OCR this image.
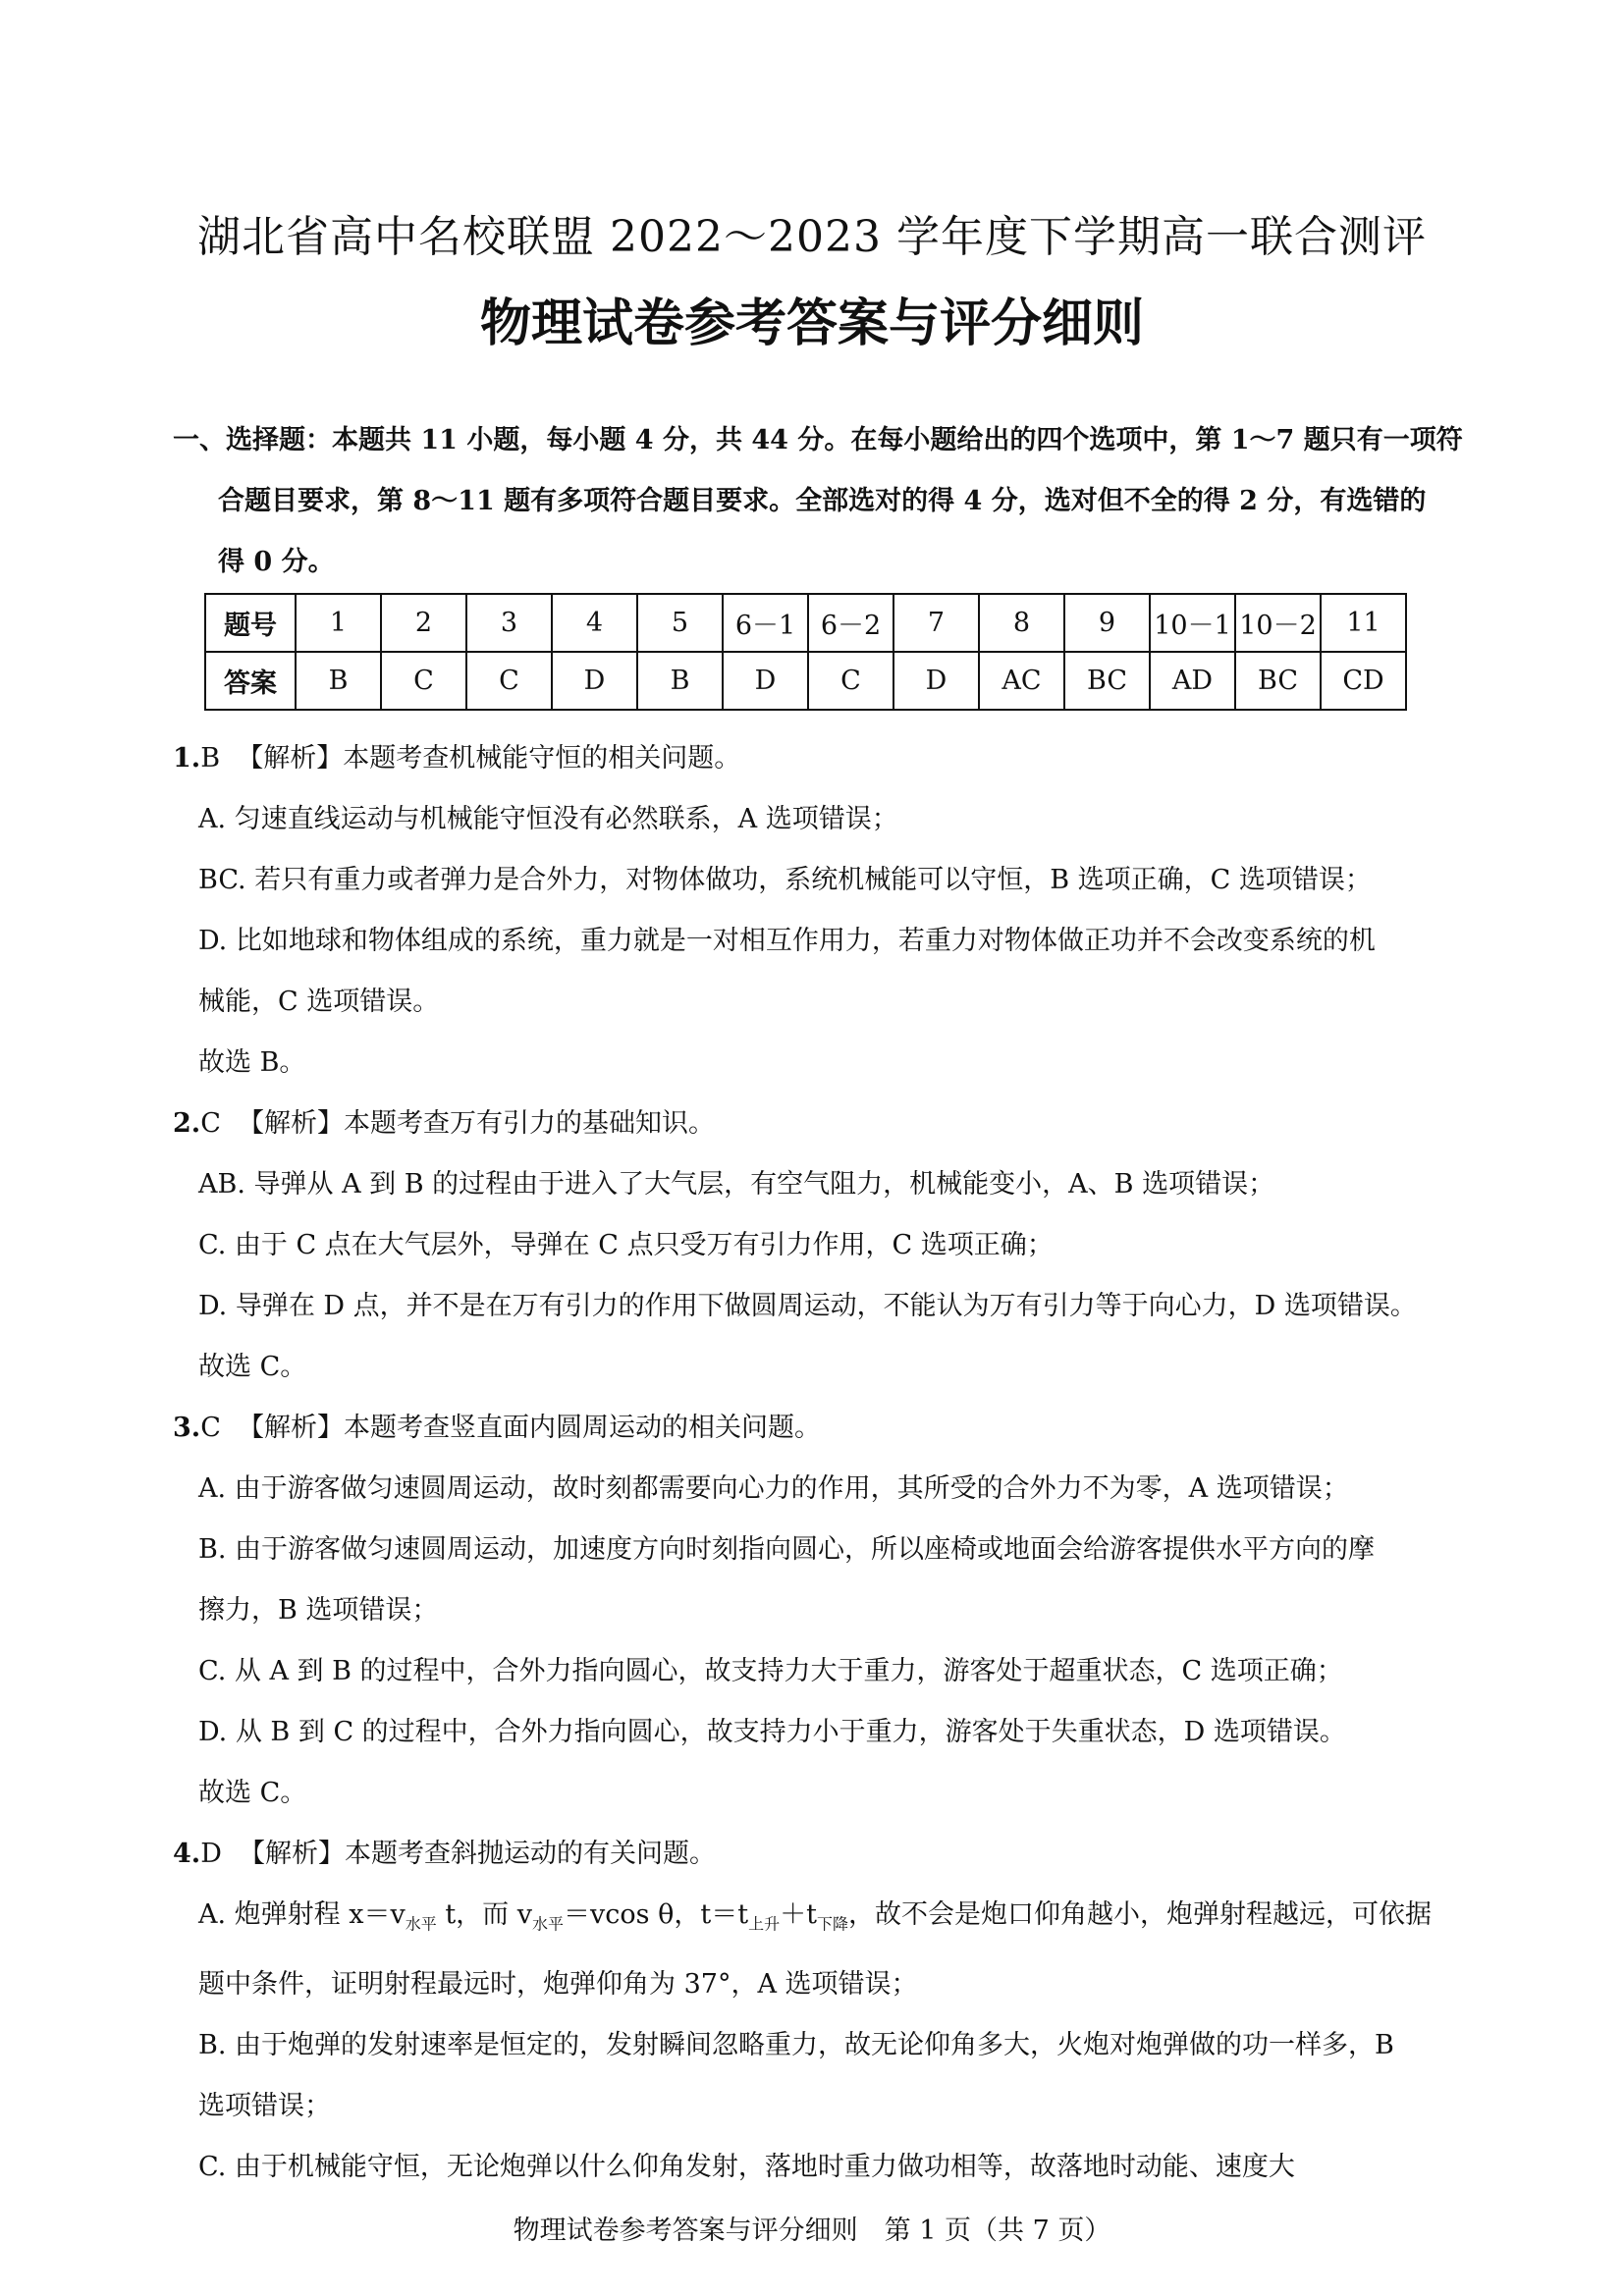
湖北省高中名校联盟 2022～2023 学年度下学期高一联合测评
物理试卷参考答案与评分细则
一、选择题：本题共 11 小题，每小题 4 分，共 44 分。在每小题给出的四个选项中，第 1～7 题只有一项符
合题目要求，第 8～11 题有多项符合题目要求。全部选对的得 4 分，选对但不全的得 2 分，有选错的
得 0 分。
题号	1	2	3	4	5	6－1	6－2	7	8	9	10－1	10－2	11
答案	B	C	C	D	B	D	C	D	AC	BC	AD	BC	CD
1.B 【解析】本题考查机械能守恒的相关问题。
A. 匀速直线运动与机械能守恒没有必然联系，A 选项错误；
BC. 若只有重力或者弹力是合外力，对物体做功，系统机械能可以守恒，B 选项正确，C 选项错误；
D. 比如地球和物体组成的系统，重力就是一对相互作用力，若重力对物体做正功并不会改变系统的机
械能，C 选项错误。
故选 B。
2.C 【解析】本题考查万有引力的基础知识。
AB. 导弹从 A 到 B 的过程由于进入了大气层，有空气阻力，机械能变小，A、B 选项错误；
C. 由于 C 点在大气层外，导弹在 C 点只受万有引力作用，C 选项正确；
D. 导弹在 D 点，并不是在万有引力的作用下做圆周运动，不能认为万有引力等于向心力，D 选项错误。
故选 C。
3.C 【解析】本题考查竖直面内圆周运动的相关问题。
A. 由于游客做匀速圆周运动，故时刻都需要向心力的作用，其所受的合外力不为零，A 选项错误；
B. 由于游客做匀速圆周运动，加速度方向时刻指向圆心，所以座椅或地面会给游客提供水平方向的摩
擦力，B 选项错误；
C. 从 A 到 B 的过程中，合外力指向圆心，故支持力大于重力，游客处于超重状态，C 选项正确；
D. 从 B 到 C 的过程中，合外力指向圆心，故支持力小于重力，游客处于失重状态，D 选项错误。
故选 C。
4.D 【解析】本题考查斜抛运动的有关问题。
A. 炮弹射程 $x=v_{水平}$ t，而 $v_{水平}=vcos$ θ，$t=t_{上升}+t_{下降}$，故不会是炮口仰角越小，炮弹射程越远，可依据
题中条件，证明射程最远时，炮弹仰角为 37°，A 选项错误；
B. 由于炮弹的发射速率是恒定的，发射瞬间忽略重力，故无论仰角多大，火炮对炮弹做的功一样多，B
选项错误；
C. 由于机械能守恒，无论炮弹以什么仰角发射，落地时重力做功相等，故落地时动能、速度大
物理试卷参考答案与评分细则　第 1 页（共 7 页）
